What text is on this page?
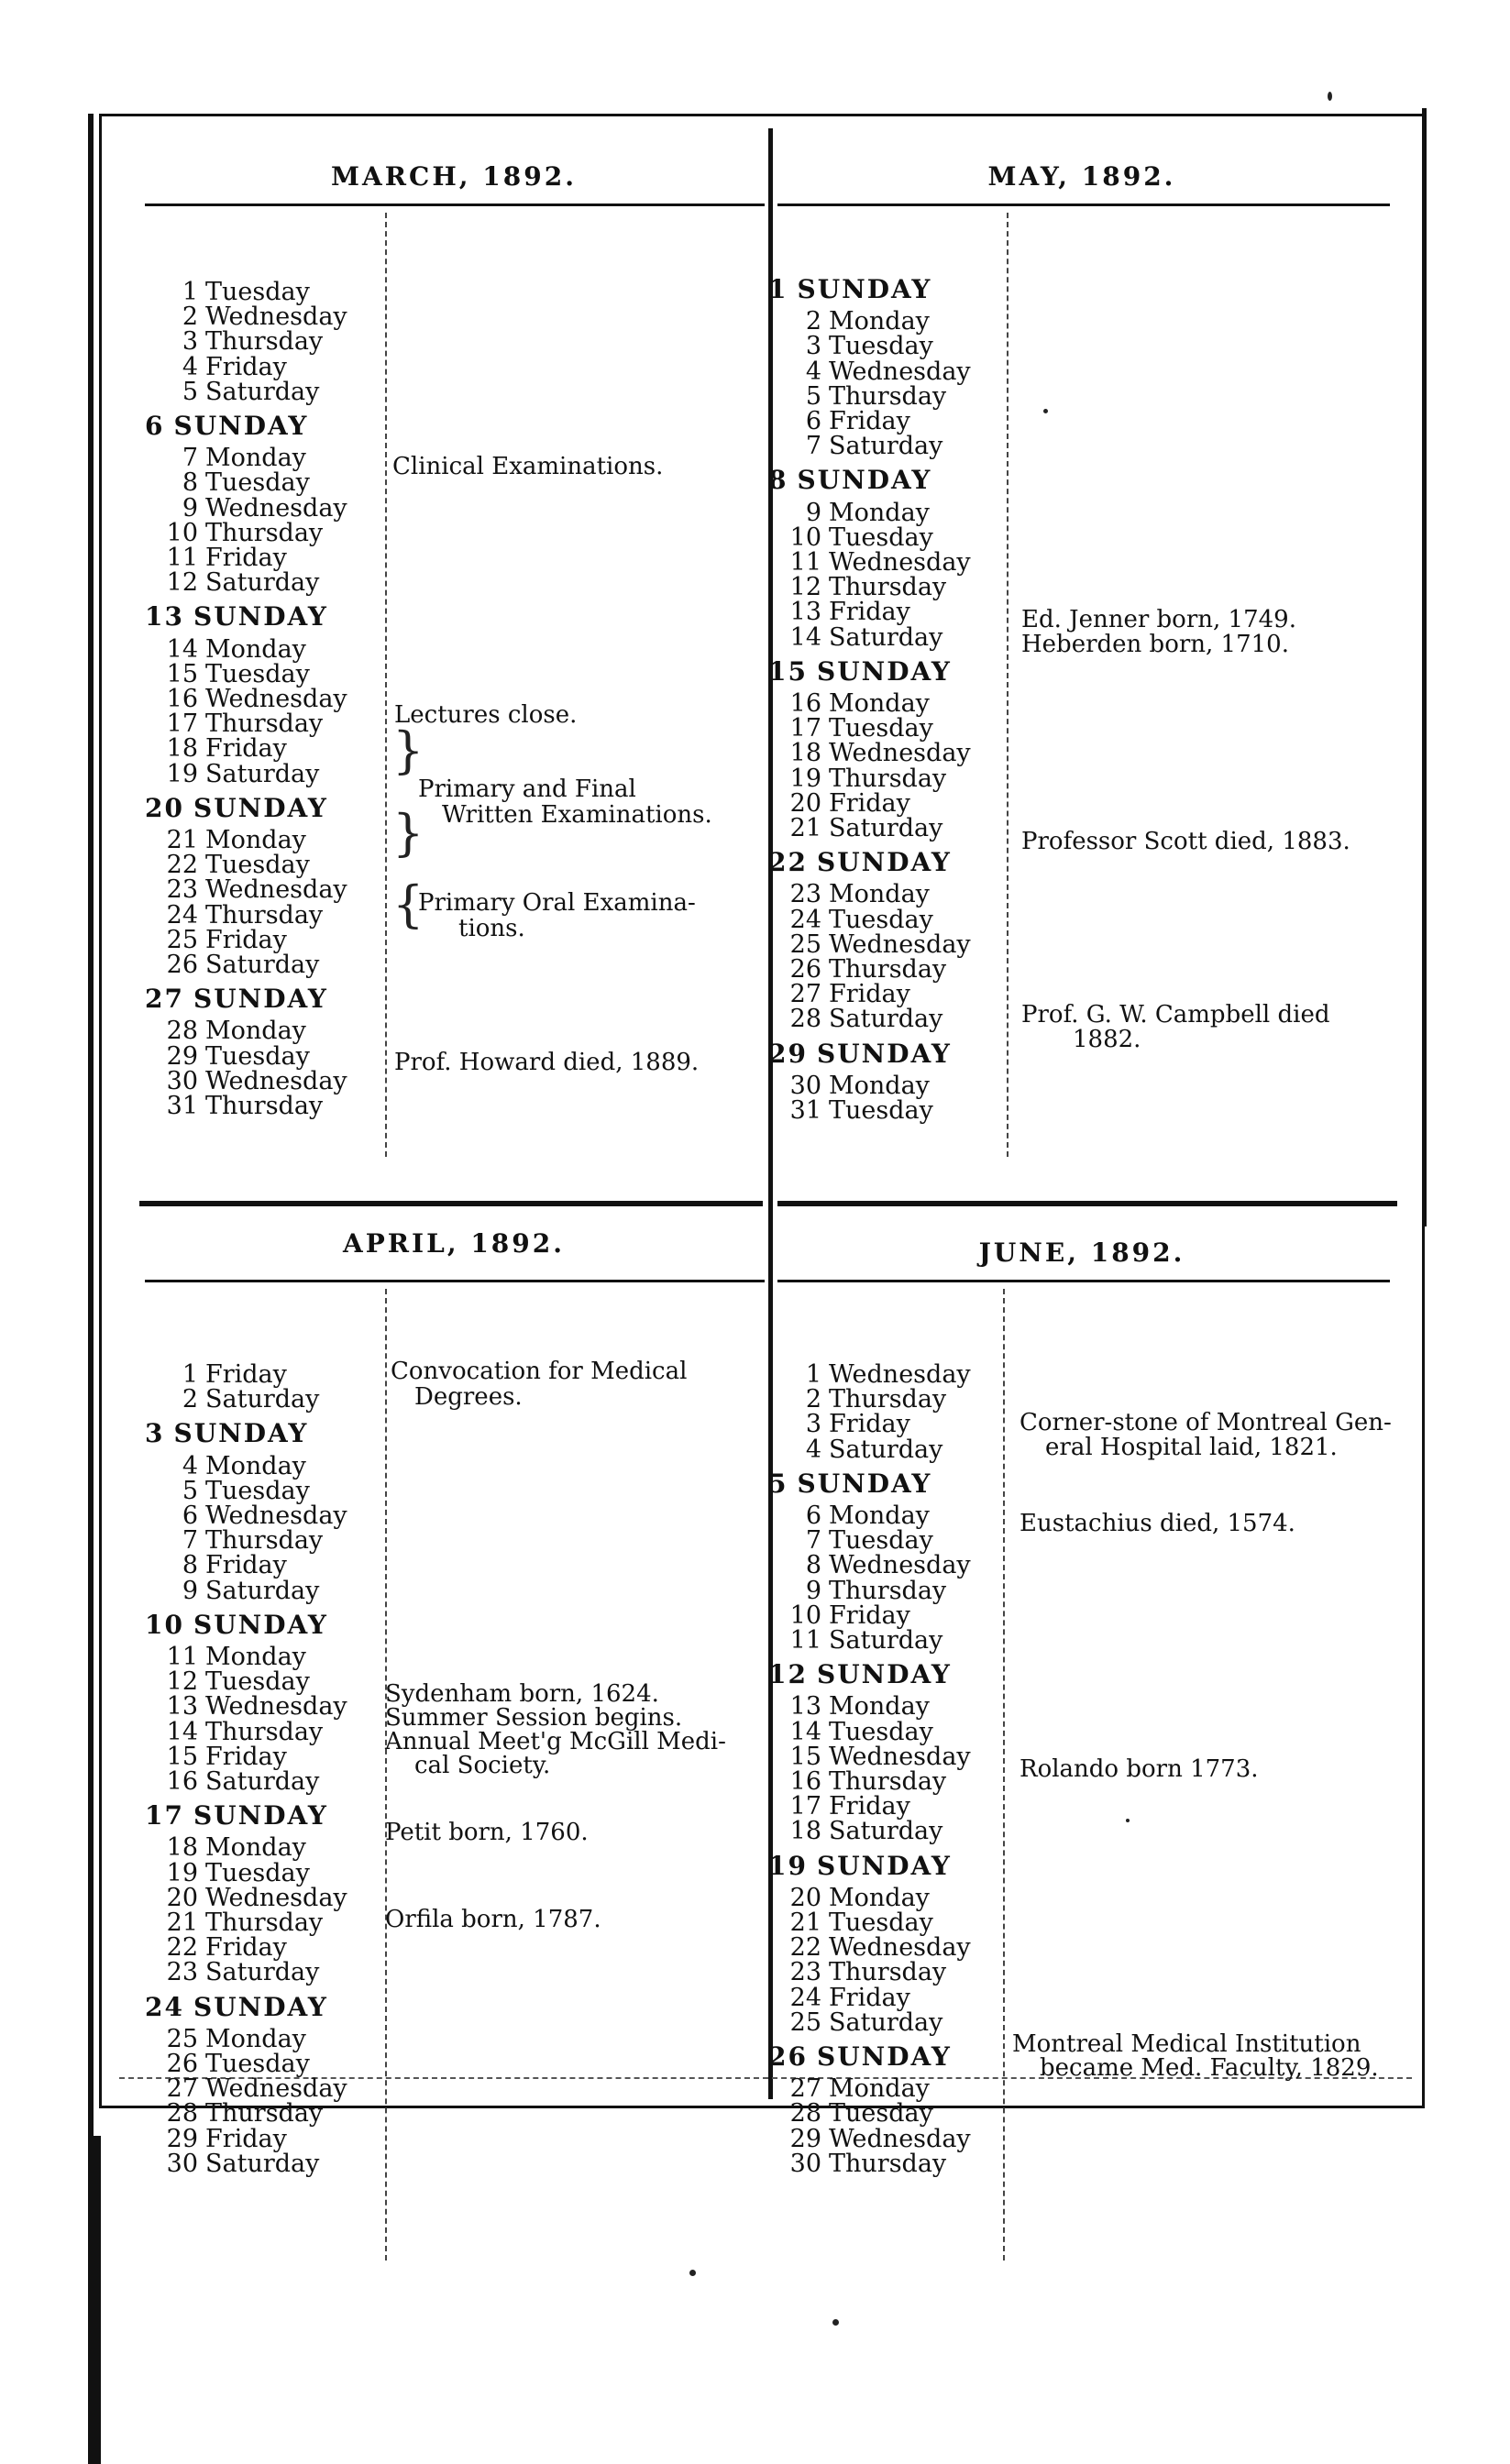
MARCH, 1892.
1 Tuesday
2 Wednesday
3 Thursday
4 Friday
5 Saturday
6 SUNDAY
7 Monday
8 Tuesday
9 Wednesday
10 Thursday
11 Friday
12 Saturday
13 SUNDAY
14 Monday
15 Tuesday
16 Wednesday
17 Thursday
18 Friday
19 Saturday
20 SUNDAY
21 Monday
22 Tuesday
23 Wednesday
24 Thursday
25 Friday
26 Saturday
27 SUNDAY
28 Monday
29 Tuesday
30 Wednesday
31 Thursday
Clinical Examinations.
Lectures close.
}
Primary and Final
Written Examinations.
}
{
Primary Oral Examina-
tions.
Prof. Howard died, 1889.
MAY, 1892.
1 SUNDAY
2 Monday
3 Tuesday
4 Wednesday
5 Thursday
6 Friday
7 Saturday
8 SUNDAY
9 Monday
10 Tuesday
11 Wednesday
12 Thursday
13 Friday
14 Saturday
15 SUNDAY
16 Monday
17 Tuesday
18 Wednesday
19 Thursday
20 Friday
21 Saturday
22 SUNDAY
23 Monday
24 Tuesday
25 Wednesday
26 Thursday
27 Friday
28 Saturday
29 SUNDAY
30 Monday
31 Tuesday
Ed. Jenner born, 1749.
Heberden born, 1710.
Professor Scott died, 1883.
Prof. G. W. Campbell died
1882.
APRIL, 1892.
1 Friday
2 Saturday
3 SUNDAY
4 Monday
5 Tuesday
6 Wednesday
7 Thursday
8 Friday
9 Saturday
10 SUNDAY
11 Monday
12 Tuesday
13 Wednesday
14 Thursday
15 Friday
16 Saturday
17 SUNDAY
18 Monday
19 Tuesday
20 Wednesday
21 Thursday
22 Friday
23 Saturday
24 SUNDAY
25 Monday
26 Tuesday
27 Wednesday
28 Thursday
29 Friday
30 Saturday
Convocation for Medical
Degrees.
Sydenham born, 1624.
Summer Session begins.
Annual Meet'g McGill Medi-
cal Society.
Petit born, 1760.
Orfila born, 1787.
JUNE, 1892.
1 Wednesday
2 Thursday
3 Friday
4 Saturday
5 SUNDAY
6 Monday
7 Tuesday
8 Wednesday
9 Thursday
10 Friday
11 Saturday
12 SUNDAY
13 Monday
14 Tuesday
15 Wednesday
16 Thursday
17 Friday
18 Saturday
19 SUNDAY
20 Monday
21 Tuesday
22 Wednesday
23 Thursday
24 Friday
25 Saturday
26 SUNDAY
27 Monday
28 Tuesday
29 Wednesday
30 Thursday
Corner-stone of Montreal Gen-
eral Hospital laid, 1821.
Eustachius died, 1574.
Rolando born 1773.
Montreal Medical Institution
became Med. Faculty, 1829.
